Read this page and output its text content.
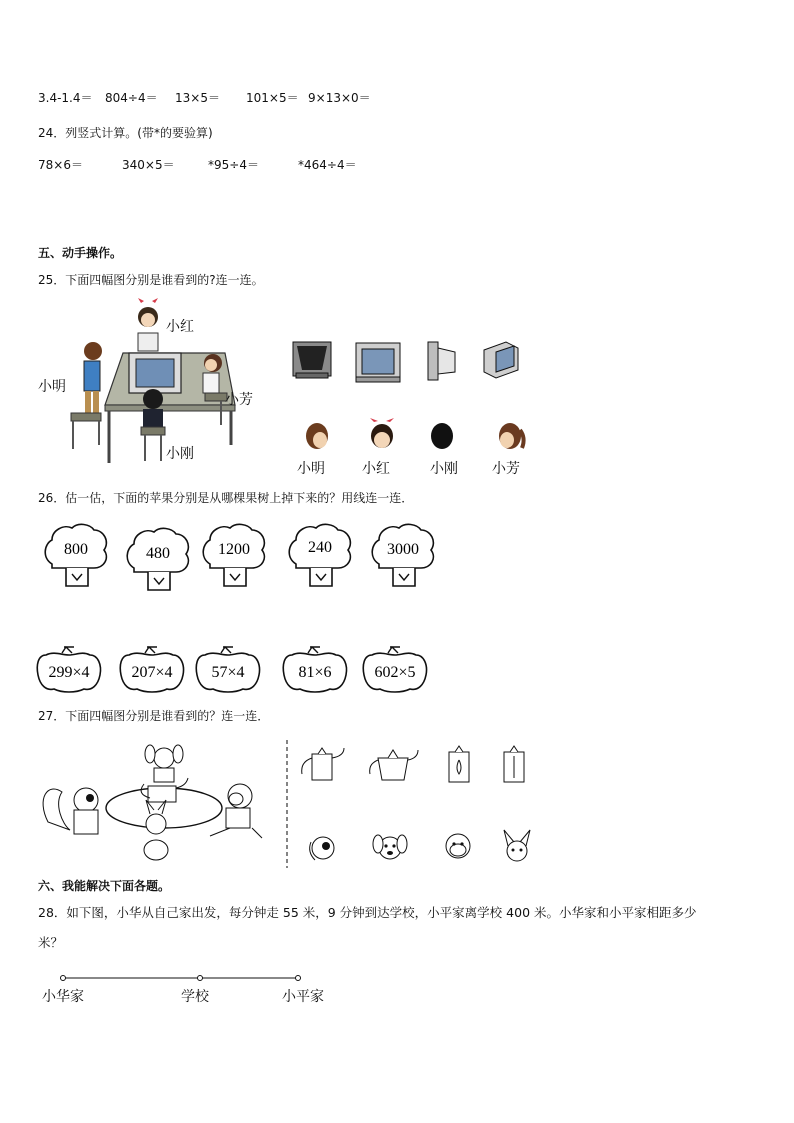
3.4-1.4＝ 804÷4＝ 13×5＝ 101×5＝ 9×13×0＝
24．列竖式计算。(带*的要验算)
78×6＝	340×5＝	*95÷4＝	*464÷4＝
五、动手操作。
25．下面四幅图分别是谁看到的?连一连。
小红
小明
小芳
小刚
小明	小红	小刚 小芳
26．估一估，下面的苹果分别是从哪棵果树上掉下来的？用线连一连．
800	480	1200	240	3000
299×4	207×4 57×4	81×6	602×5
27．下面四幅图分别是谁看到的？连一连．
六、我能解决下面各题。
28．如下图，小华从自己家出发，每分钟走 55 米，9 分钟到达学校，小平家离学校 400 米。小华家和小平家相距多少
米？
小华家	学校	小平家
